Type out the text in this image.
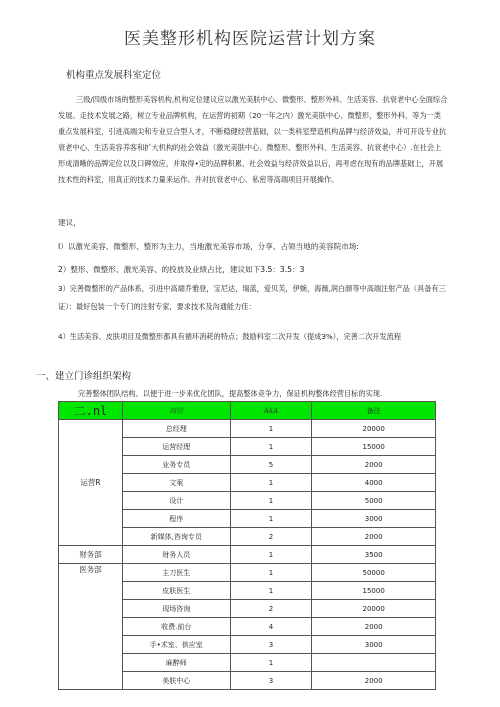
医美整形机构医院运营计划方案
机构重点发展科室定位
三级/四级市场的整形美容机构,机构定位建议应以激光美肤中心、微整形、整形外科、生活美容、抗衰老中心全面综合发展。走技术发展之路，树立专业品牌机构，在运营的初期（20一年之内）激光美肤中心、微整形，整形外科、等为一类重点发展科室，引进高端尖和专业豆合型人才，不断稳健经营基础，以一类科室塑造机构品牌与经济效益，并可开设专业抗衰老中心、生活美容养客和扩大机构的社会效益（激光美肤中心、微整形、整形外科、生活美容、抗衰老中心）.在社会上形成清晰的品牌定位以及口碑效应，并取得•定的品牌积累、社会效益与经济效益以后，再考虑在现有的品牌基础上，开展技术性的科室，用真正的技术力量来运作。并对抗衰老中心、私密等高端项目开展操作。
建议，
I）以激光美容、微整形、整形为主力，当地激光美容市场，分享、占领当地的美容院市场:
2）整形、微整形、激光美容、的投放及业绩占比，建议如下3.5：3.5：3
3）完善微整形的产品体系，引进中高端乔雅登，宝尼达，瑞蓝，爱贝芙，伊婉，海薇,润白颜等中高端注射产品（具备有三证）：最好包装一个专门的注射专家，要求技术及沟通能力佳：
4）生活美容、皮肤项目及微整形都具有循环消耗的特点；鼓励科室二次开发（提成3%），完善二次开发流程
一、建立门诊组织架构
完善整体团队结构、以便于进一步来优化团队，提高整体竞争力，保证机构整体经营目标的实现.
二.nl	岗位	AkA	备注
运营R	总经理	1	20000
	运营经理	1	15000
	业务专员	5	2000
	文案	1	4000
	设计	1	5000
	程序	1	3000
	新媒体,咨询专员	2	2000
财务部	财务人员	1	3500
医务部	主刀医生	1	50000
	皮肤医生	1	15000
	现场咨询	2	20000
	收费.前台	4	2000
	手•术室、供应室	3	3000
	麻醉师	1	
	美肤中心	3	2000
